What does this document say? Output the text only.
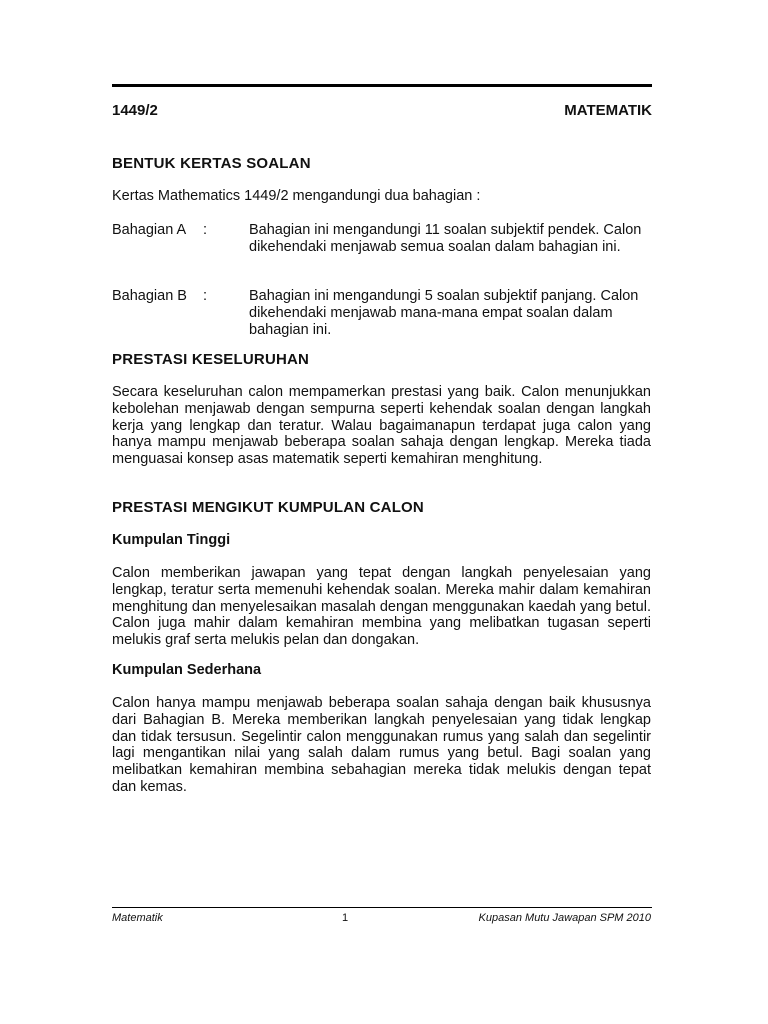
1449/2	MATEMATIK
BENTUK KERTAS SOALAN
Kertas Mathematics 1449/2 mengandungi dua bahagian :
Bahagian A :	Bahagian ini mengandungi 11 soalan subjektif pendek. Calon dikehendaki menjawab semua soalan dalam bahagian ini.
Bahagian B :	Bahagian ini mengandungi 5 soalan subjektif panjang. Calon dikehendaki menjawab mana-mana empat soalan dalam bahagian ini.
PRESTASI KESELURUHAN
Secara keseluruhan calon mempamerkan prestasi yang baik. Calon menunjukkan kebolehan menjawab dengan sempurna seperti kehendak soalan dengan langkah kerja yang lengkap dan teratur. Walau bagaimanapun terdapat juga calon yang hanya mampu menjawab beberapa soalan sahaja dengan lengkap. Mereka tiada menguasai konsep asas matematik seperti kemahiran menghitung.
PRESTASI MENGIKUT KUMPULAN CALON
Kumpulan Tinggi
Calon memberikan jawapan yang tepat dengan langkah penyelesaian yang lengkap, teratur serta memenuhi kehendak soalan. Mereka mahir dalam kemahiran menghitung dan menyelesaikan masalah dengan menggunakan kaedah yang betul. Calon juga mahir dalam kemahiran membina yang melibatkan tugasan seperti melukis graf serta melukis pelan dan dongakan.
Kumpulan Sederhana
Calon hanya mampu menjawab beberapa soalan sahaja dengan baik khususnya dari Bahagian B. Mereka memberikan langkah penyelesaian yang tidak lengkap dan tidak tersusun. Segelintir calon menggunakan rumus yang salah dan segelintir lagi mengantikan nilai yang salah dalam rumus yang betul. Bagi soalan yang melibatkan kemahiran membina sebahagian mereka tidak melukis dengan tepat dan kemas.
Matematik	1	Kupasan Mutu Jawapan SPM 2010
